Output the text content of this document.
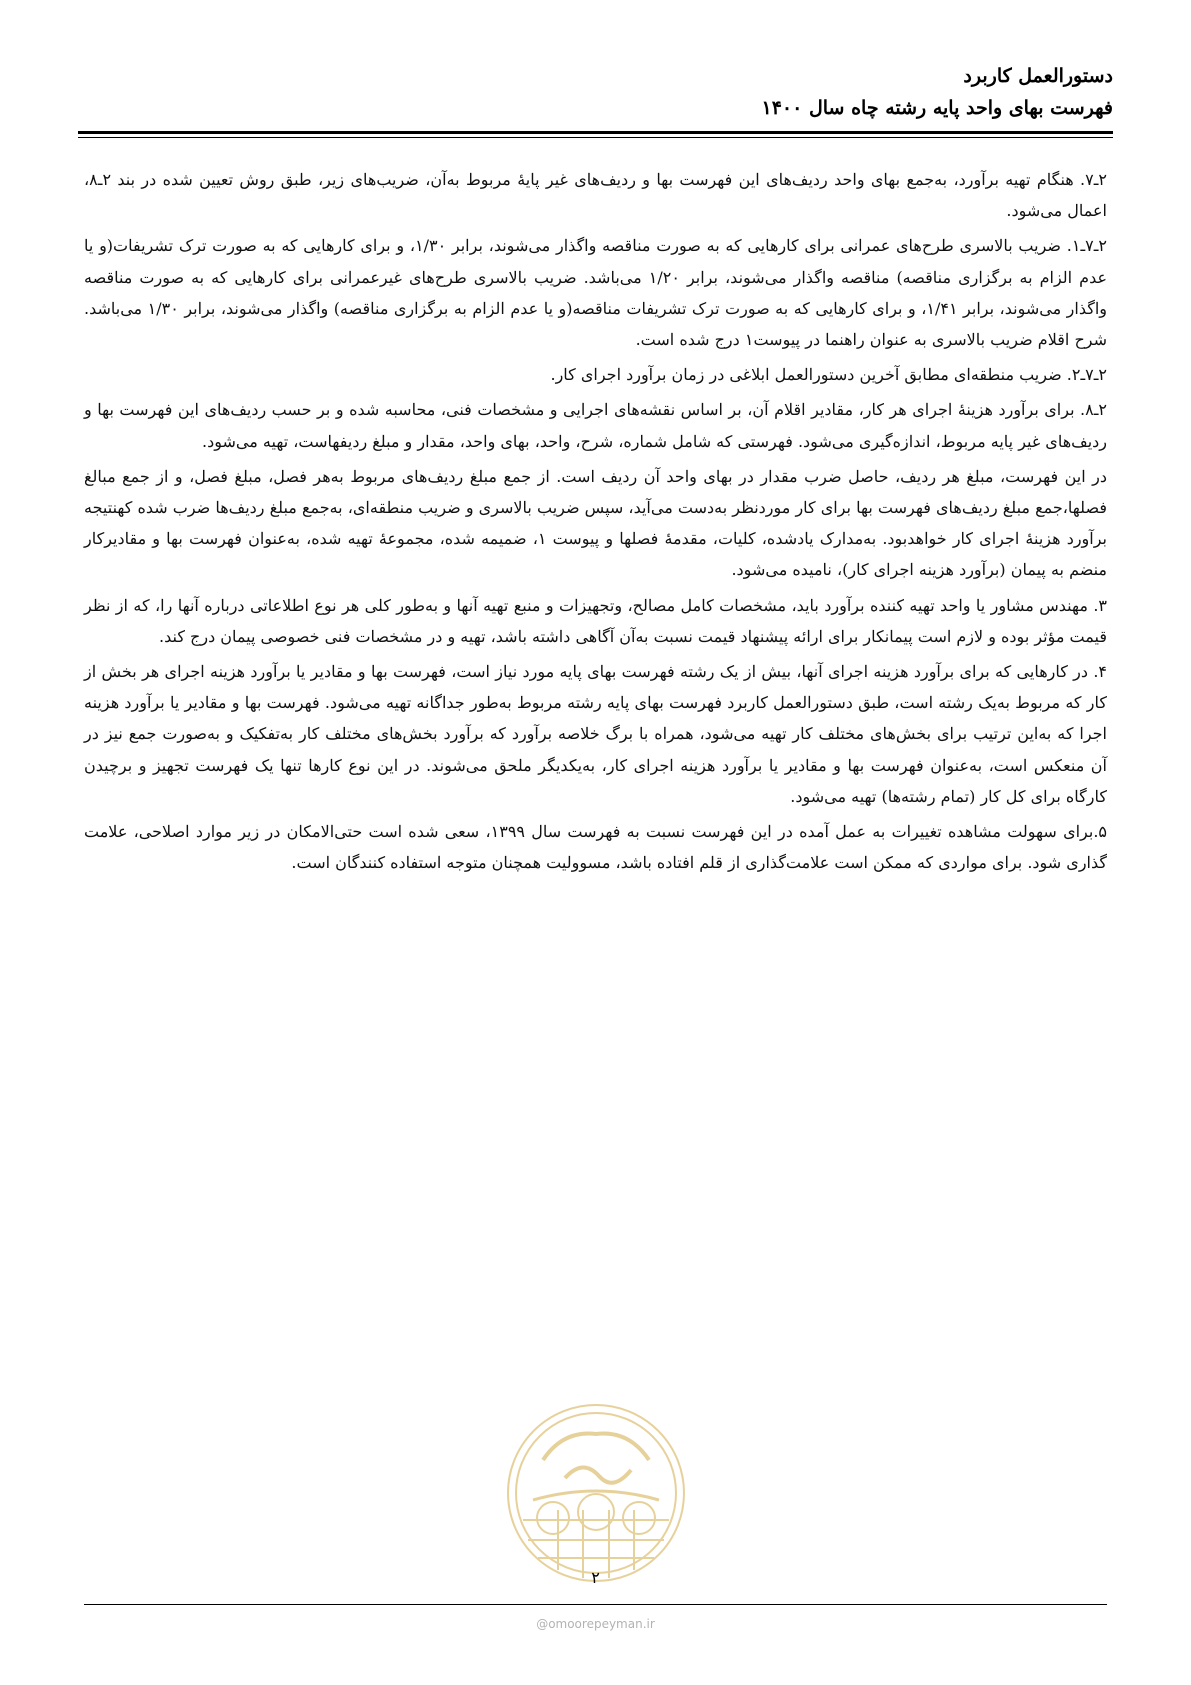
دستورالعمل کاربرد
فهرست بهای واحد پایه رشته چاه سال ۱۴۰۰

۲ـ۷. هنگام تهیه برآورد، به‌جمع بهای واحد ردیف‌های این فهرست بها و ردیف‌های غیر پایهٔ مربوط به‌آن، ضریب‌های زیر، طبق روش تعیین شده در بند ۲ـ۸، اعمال می‌شود.

۲ـ۷ـ۱. ضریب بالاسری طرح‌های عمرانی برای کارهایی که به صورت مناقصه واگذار می‌شوند، برابر ۱/۳۰، و برای کارهایی که به صورت ترک تشریفات(و یا عدم الزام به برگزاری مناقصه) مناقصه واگذار می‌شوند، برابر ۱/۲۰ می‌باشد. ضریب بالاسری طرح‌های غیرعمرانی برای کارهایی که به صورت مناقصه واگذار می‌شوند، برابر ۱/۴۱، و برای کارهایی که به صورت ترک تشریفات مناقصه(و یا عدم الزام به برگزاری مناقصه) واگذار می‌شوند، برابر ۱/۳۰ می‌باشد. شرح اقلام ضریب بالاسری به عنوان راهنما در پیوست۱ درج شده است.

۲ـ۷ـ۲. ضریب منطقه‌ای مطابق آخرین دستورالعمل ابلاغی در زمان برآورد اجرای کار.

۲ـ۸. برای برآورد هزینهٔ اجرای هر کار، مقادیر اقلام آن، بر اساس نقشه‌های اجرایی و مشخصات فنی، محاسبه شده و بر حسب ردیف‌های این فهرست بها و ردیف‌های غیر پایه مربوط، اندازه‌گیری می‌شود. فهرستی که شامل شماره، شرح، واحد، بهای واحد، مقدار و مبلغ ردیفهاست، تهیه می‌شود.

در این فهرست، مبلغ هر ردیف، حاصل ضرب مقدار در بهای واحد آن ردیف است. از جمع مبلغ ردیف‌های مربوط به‌هر فصل، مبلغ فصل، و از جمع مبالغ فصلها،جمع مبلغ ردیف‌های فهرست بها برای کار موردنظر به‌دست می‌آید، سپس ضریب بالاسری و ضریب منطقه‌ای، به‌جمع مبلغ ردیف‌ها ضرب شده کهنتیجه برآورد هزینهٔ اجرای کار خواهدبود. به‌مدارک یادشده، کلیات، مقدمهٔ فصلها و پیوست ۱، ضمیمه شده، مجموعهٔ تهیه شده، به‌عنوان فهرست بها و مقادیرکار منضم به پیمان (برآورد هزینه اجرای کار)، نامیده می‌شود.

۳. مهندس مشاور یا واحد تهیه کننده برآورد باید، مشخصات کامل مصالح، وتجهیزات و منبع تهیه آنها و به‌طور کلی هر نوع اطلاعاتی درباره آنها را، که از نظر قیمت مؤثر بوده و لازم است پیمانکار برای ارائه پیشنهاد قیمت نسبت به‌آن آگاهی داشته باشد، تهیه و در مشخصات فنی خصوصی پیمان درج کند.

۴. در کارهایی که برای برآورد هزینه اجرای آنها، بیش از یک رشته فهرست بهای پایه مورد نیاز است، فهرست بها و مقادیر یا برآورد هزینه اجرای هر بخش از کار که مربوط به‌یک رشته است، طبق دستورالعمل کاربرد فهرست بهای پایه رشته مربوط به‌طور جداگانه تهیه می‌شود. فهرست بها و مقادیر یا برآورد هزینه اجرا که به‌این ترتیب برای بخش‌های مختلف کار تهیه می‌شود، همراه با برگ خلاصه برآورد که برآورد بخش‌های مختلف کار به‌تفکیک و به‌صورت جمع نیز در آن منعکس است، به‌عنوان فهرست بها و مقادیر یا برآورد هزینه اجرای کار، به‌یکدیگر ملحق می‌شوند. در این نوع کارها تنها یک فهرست تجهیز و برچیدن کارگاه برای کل کار (تمام رشته‌ها) تهیه می‌شود.

۵.برای سهولت مشاهده تغییرات به عمل آمده در این فهرست نسبت به فهرست سال ۱۳۹۹، سعی شده است حتی‌الامکان در زیر موارد اصلاحی، علامت گذاری شود. برای مواردی که ممکن است علامت‌گذاری از قلم افتاده باشد، مسوولیت همچنان متوجه استفاده کنندگان است.

۲
@omoorepeyman.ir
